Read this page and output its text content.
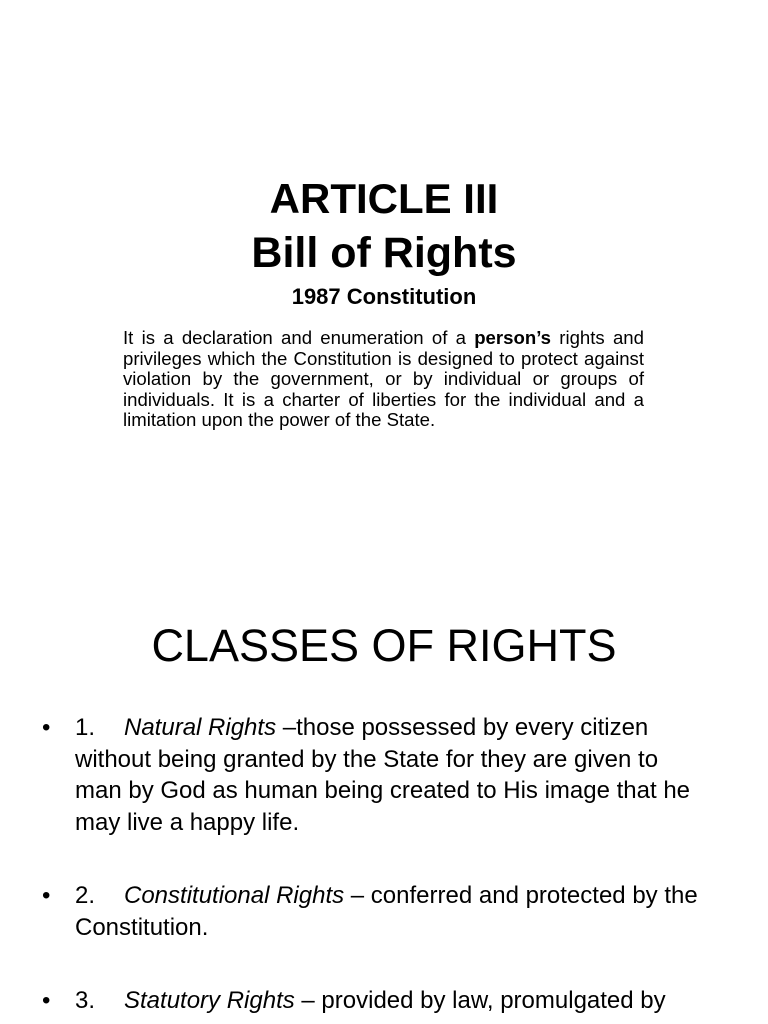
ARTICLE III
Bill of Rights
1987 Constitution

It is a declaration and enumeration of a person’s rights and privileges which the Constitution is designed to protect against violation by the government, or by individual or groups of individuals. It is a charter of liberties for the individual and a limitation upon the power of the State.

CLASSES OF RIGHTS
• 1. Natural Rights –those possessed by every citizen without being granted by the State for they are given to man by God as human being created to His image that he may live a happy life.
• 2. Constitutional Rights – conferred and protected by the Constitution.
• 3. Statutory Rights – provided by law, promulgated by
